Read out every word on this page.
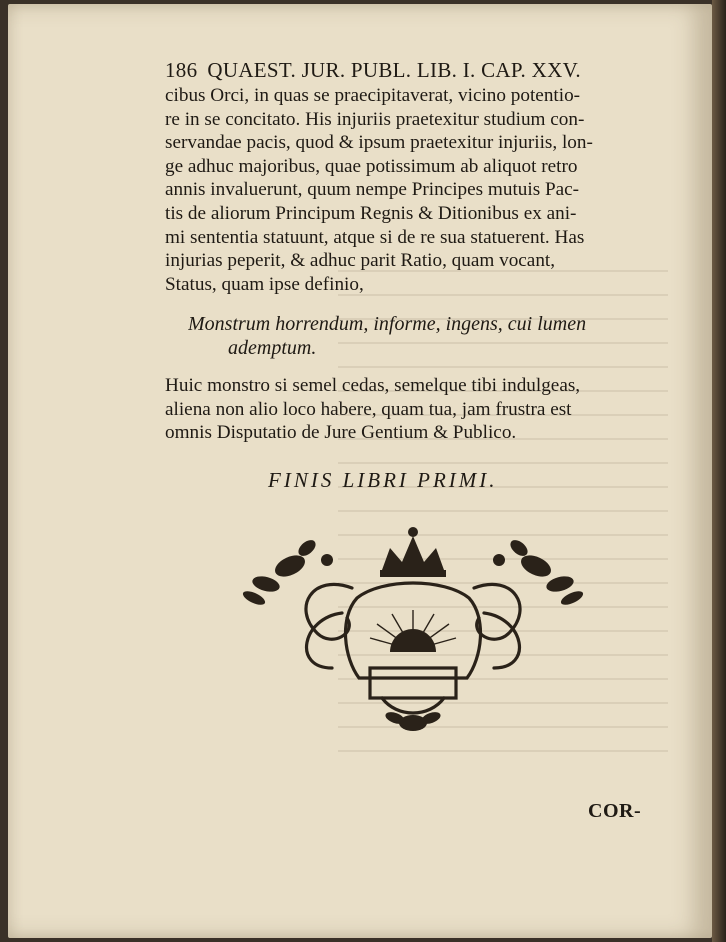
186 QUAEST. JUR. PUBL. LIB. I. CAP. XXV.
cibus Orci, in quas se praecipitaverat, vicino potentio-
re in se concitato. His injuriis praetexitur studium con-
servandae pacis, quod & ipsum praetexitur injuriis, lon-
ge adhuc majoribus, quae potissimum ab aliquot retro
annis invaluerunt, quum nempe Principes mutuis Pac-
tis de aliorum Principum Regnis & Ditionibus ex ani-
mi sententia statuunt, atque si de re sua statuerent. Has
injurias peperit, & adhuc parit Ratio, quam vocant,
Status, quam ipse definio,
Monstrum horrendum, informe, ingens, cui lumen
ademptum.
Huic monstro si semel cedas, semelque tibi indulgeas,
aliena non alio loco habere, quam tua, jam frustra est
omnis Disputatio de Jure Gentium & Publico.
FINIS LIBRI PRIMI.
COR-
